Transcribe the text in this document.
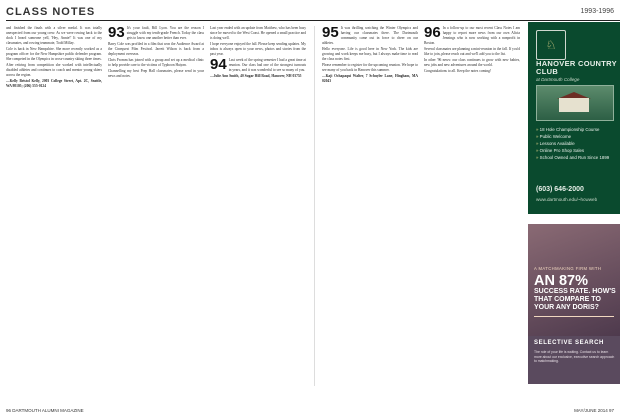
CLASS NOTES	1993-1996

and finished the finals with a silver medal. It was totally unexpected from our young crew. As we were rowing back to the dock I heard someone yell, 'Hey, Annie!' It was one of my classmates, and rowing teammate, Todd Millay.

Cole is back in New Hampshire. She more recently worked as a program officer for the New Hampshire public defender program. She competed in the Olympics in cross-country skiing three times.

After retiring from competition she worked with intellectually disabled athletes and continues to coach and mentor young skiers across the region.

—Kelly Bristol Kelly, 2003 College Street, Apt. 2C, Seattle, WA 98105; (206) 555-0124

93 It's your fault, Bill Lyon. You are the reason I struggle with my tenth-grade French. Today the class gets to know one another better than ever.

Barry Cole was profiled in a film that won the Audience Award at the Cinequest Film Festival. Jarrett Wilson is back from a deployment overseas.

Chris Fromm has joined with a group and set up a medical clinic to help provide care to the victims of Typhoon Haiyan.

Channelling my best Prep Hall classmates, please send in your news and notes.

Last year ended with an update from Matthew, who has been busy since he moved to the West Coast. He opened a small practice and is doing well.

I hope everyone enjoyed the fall. Please keep sending updates. My inbox is always open to your news, photos and stories from the past year.

94 Last week of the spring semester I had a great time at reunion. Our class had one of the strongest turnouts in years, and it was wonderful to see so many of you.

—Julie Ann Smith, 40 Sugar Hill Road, Hanover, NH 03755

95 It was thrilling watching the Winter Olympics and having our classmates there. The Dartmouth community came out in force to cheer on our athletes.

Hello everyone. Life is good here in New York. The kids are growing and work keeps me busy, but I always make time to read the class notes first.

Please remember to register for the upcoming reunion. We hope to see many of you back in Hanover this summer.

—Kaji Ochapaqui Walter, 7 Schuyler Lane, Hingham, MA 02043

96 In a follow-up to our most recent Class Notes I am happy to report more news from our own Alicia Jennings who is now working with a nonprofit in Boston.

Several classmates are planning a mini-reunion in the fall. If you'd like to join, please reach out and we'll add you to the list.

In other '96 news: our class continues to grow with new babies, new jobs and new adventures around the world.

Congratulations to all. Keep the notes coming!

♘
HANOVER COUNTRY CLUB
at Dartmouth College
» 18 Hole Championship Course
» Public Welcome
» Lessons Available
» Online Pro Shop Sales
» School Owned and Run Since 1899
(603) 646-2000
www.dartmouth.edu/~hcwweb
A MATCHMAKING FIRM WITH
AN 87%
SUCCESS RATE. HOW'S THAT COMPARE TO YOUR ANY DORIS?
SELECTIVE SEARCH
The role of your life is waiting. Contact us to learn more about our exclusive, executive search approach to matchmaking.
96 DARTMOUTH ALUMNI MAGAZINE	MAY/JUNE 2014 97
